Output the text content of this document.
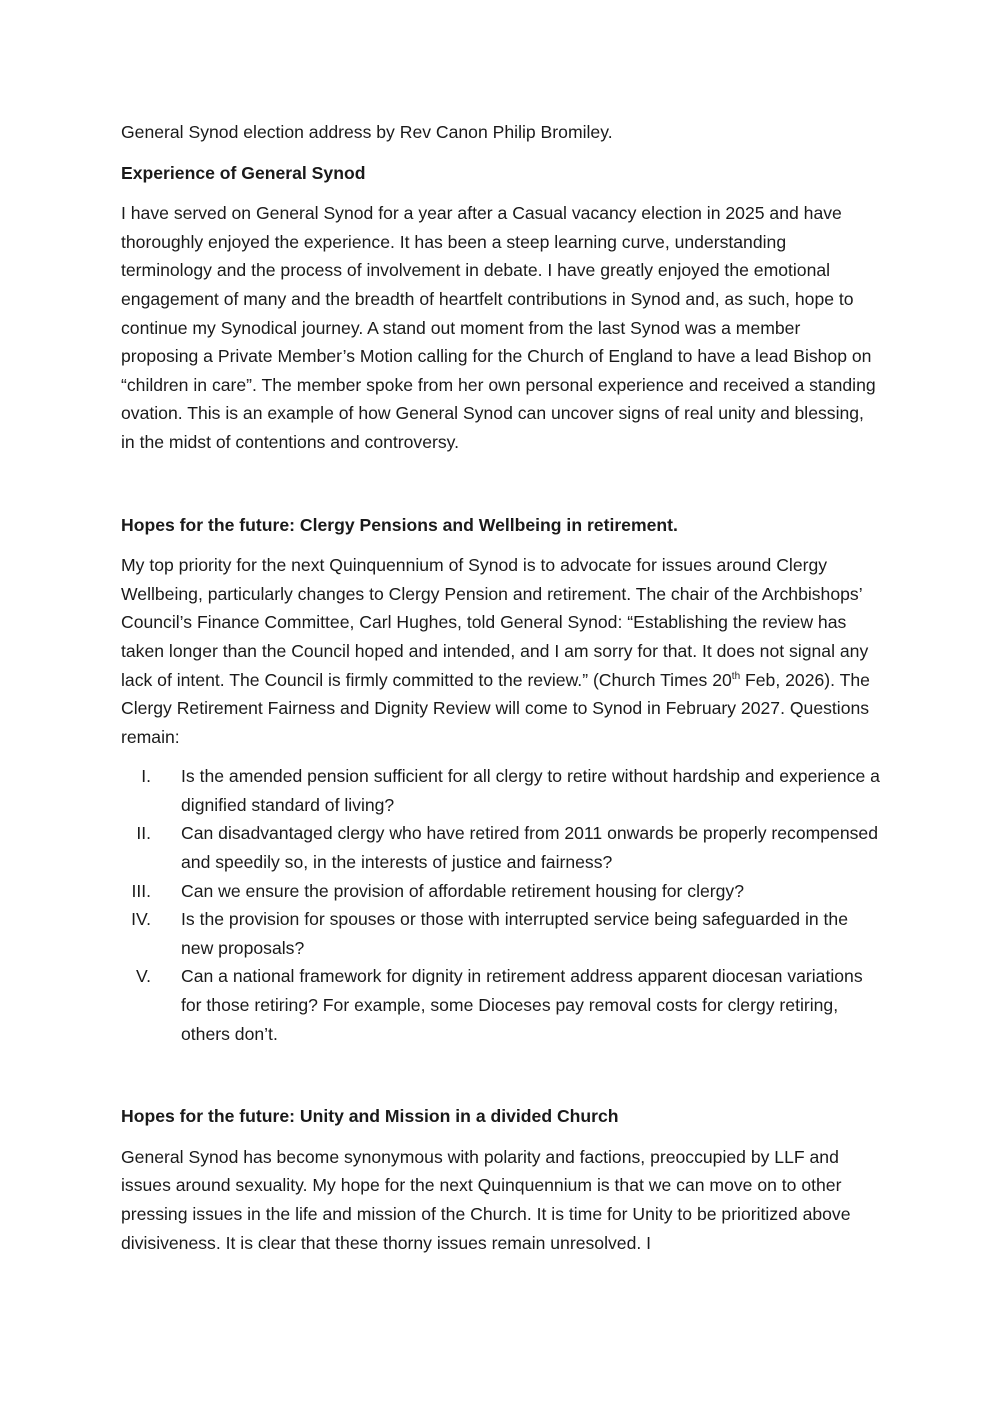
General Synod election address by Rev Canon Philip Bromiley.

Experience of General Synod

I have served on General Synod for a year after a Casual vacancy election in 2025 and have thoroughly enjoyed the experience. It has been a steep learning curve, understanding terminology and the process of involvement in debate. I have greatly enjoyed the emotional engagement of many and the breadth of heartfelt contributions in Synod and, as such, hope to continue my Synodical journey. A stand out moment from the last Synod was a member proposing a Private Member’s Motion calling for the Church of England to have a lead Bishop on “children in care”. The member spoke from her own personal experience and received a standing ovation. This is an example of how General Synod can uncover signs of real unity and blessing, in the midst of contentions and controversy.

Hopes for the future: Clergy Pensions and Wellbeing in retirement.

My top priority for the next Quinquennium of Synod is to advocate for issues around Clergy Wellbeing, particularly changes to Clergy Pension and retirement. The chair of the Archbishops’ Council’s Finance Committee, Carl Hughes, told General Synod: “Establishing the review has taken longer than the Council hoped and intended, and I am sorry for that. It does not signal any lack of intent. The Council is firmly committed to the review.” (Church Times 20th Feb, 2026). The Clergy Retirement Fairness and Dignity Review will come to Synod in February 2027. Questions remain:

I.	Is the amended pension sufficient for all clergy to retire without hardship and experience a dignified standard of living?
II.	Can disadvantaged clergy who have retired from 2011 onwards be properly recompensed and speedily so, in the interests of justice and fairness?
III.	Can we ensure the provision of affordable retirement housing for clergy?
IV.	Is the provision for spouses or those with interrupted service being safeguarded in the new proposals?
V.	Can a national framework for dignity in retirement address apparent diocesan variations for those retiring? For example, some Dioceses pay removal costs for clergy retiring, others don’t.
Hopes for the future: Unity and Mission in a divided Church

General Synod has become synonymous with polarity and factions, preoccupied by LLF and issues around sexuality. My hope for the next Quinquennium is that we can move on to other pressing issues in the life and mission of the Church. It is time for Unity to be prioritized above divisiveness. It is clear that these thorny issues remain unresolved. I
